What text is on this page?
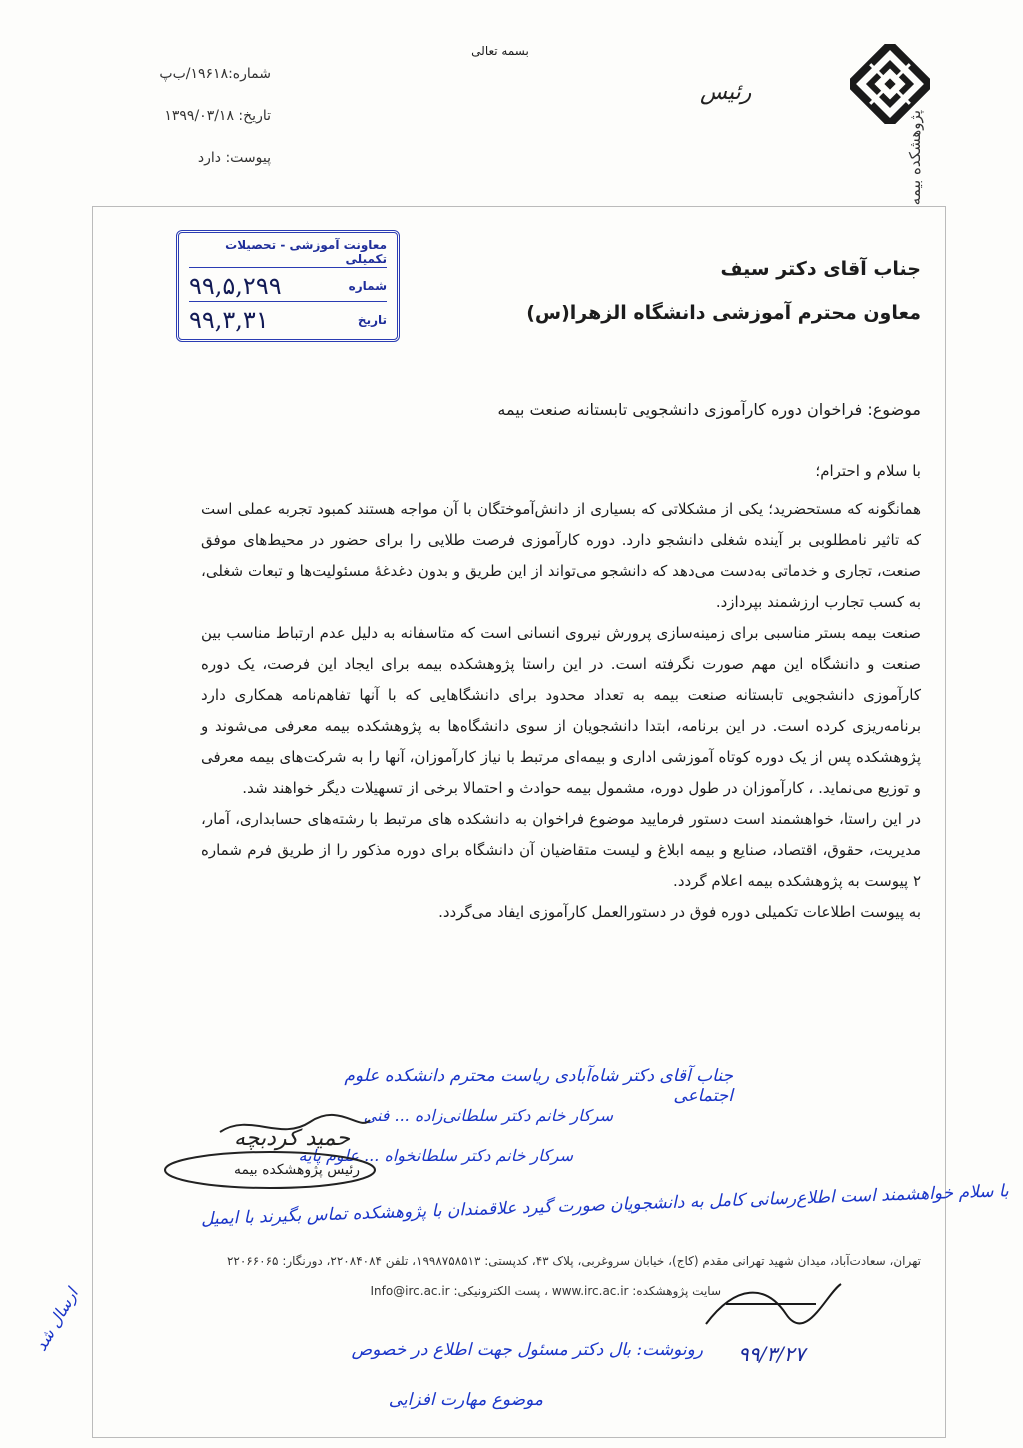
بسمه تعالی
پژوهشکده بیمه
رئیس
شماره:۱۹۶۱۸/ب‌پ
تاریخ: ۱۳۹۹/۰۳/۱۸
پیوست: دارد
معاونت آموزشی - تحصیلات تکمیلی
شماره
۹۹,۵,۲۹۹
تاریخ
۹۹,۳,۳۱
جناب آقای دکتر سیف
معاون محترم آموزشی دانشگاه الزهرا(س)
موضوع: فراخوان دوره کارآموزی دانشجویی تابستانه صنعت بیمه
با سلام و احترام؛

همانگونه که مستحضرید؛ یکی از مشکلاتی که بسیاری از دانش‌آموختگان با آن مواجه هستند کمبود تجربه عملی است که تاثیر نامطلوبی بر آینده شغلی دانشجو دارد. دوره کارآموزی فرصت طلایی را برای حضور در محیط‌های موفق صنعت، تجاری و خدماتی به‌دست می‌دهد که دانشجو می‌تواند از این طریق و بدون دغدغهٔ مسئولیت‌ها و تبعات شغلی، به کسب تجارب ارزشمند بپردازد.

صنعت بیمه بستر مناسبی برای زمینه‌سازی پرورش نیروی انسانی است که متاسفانه به دلیل عدم ارتباط مناسب بین صنعت و دانشگاه این مهم صورت نگرفته است. در این راستا پژوهشکده بیمه برای ایجاد این فرصت، یک دوره کارآموزی دانشجویی تابستانه صنعت بیمه به تعداد محدود برای دانشگاهایی که با آنها تفاهم‌نامه همکاری دارد برنامه‌ریزی کرده است. در این برنامه، ابتدا دانشجویان از سوی دانشگاه‌ها به پژوهشکده بیمه معرفی می‌شوند و پژوهشکده پس از یک دوره کوتاه آموزشی اداری و بیمه‌ای مرتبط با نیاز کارآموزان، آنها را به شرکت‌های بیمه معرفی و توزیع می‌نماید. ، کارآموزان در طول دوره، مشمول بیمه حوادث و احتمالا برخی از تسهیلات دیگر خواهند شد.

در این راستا، خواهشمند است دستور فرمایید موضوع فراخوان به دانشکده های مرتبط با رشته‌های حسابداری، آمار، مدیریت، حقوق، اقتصاد، صنایع و بیمه ابلاغ و لیست متقاضیان آن دانشگاه برای دوره مذکور را از طریق فرم شماره ۲ پیوست به پژوهشکده بیمه اعلام گردد.

به پیوست اطلاعات تکمیلی دوره فوق در دستورالعمل کارآموزی ایفاد می‌گردد.

جناب آقای دکتر شاه‌آبادی ریاست محترم دانشکده علوم اجتماعی
سرکار خانم دکتر سلطانی‌زاده ... فنی
سرکار خانم دکتر سلطانخواه ... علوم پایه
حمید کردبچه
رئیس پژوهشکده بیمه
با سلام خواهشمند است اطلاع‌رسانی کامل به دانشجویان صورت گیرد علاقمندان با پژوهشکده تماس بگیرند با ایمیل
ارسال شد
تهران، سعادت‌آباد، میدان شهید تهرانی مقدم (کاج)، خیابان سروغربی، پلاک ۴۳، کدپستی: ۱۹۹۸۷۵۸۵۱۳، تلفن ۲۲۰۸۴۰۸۴، دورنگار: ۲۲۰۶۶۰۶۵
سایت پژوهشکده: www.irc.ac.ir ، پست الکترونیکی: Info@irc.ac.ir
۹۹/۳/۲۷
رونوشت: بال دکتر مسئول جهت اطلاع در خصوص
موضوع مهارت افزایی
